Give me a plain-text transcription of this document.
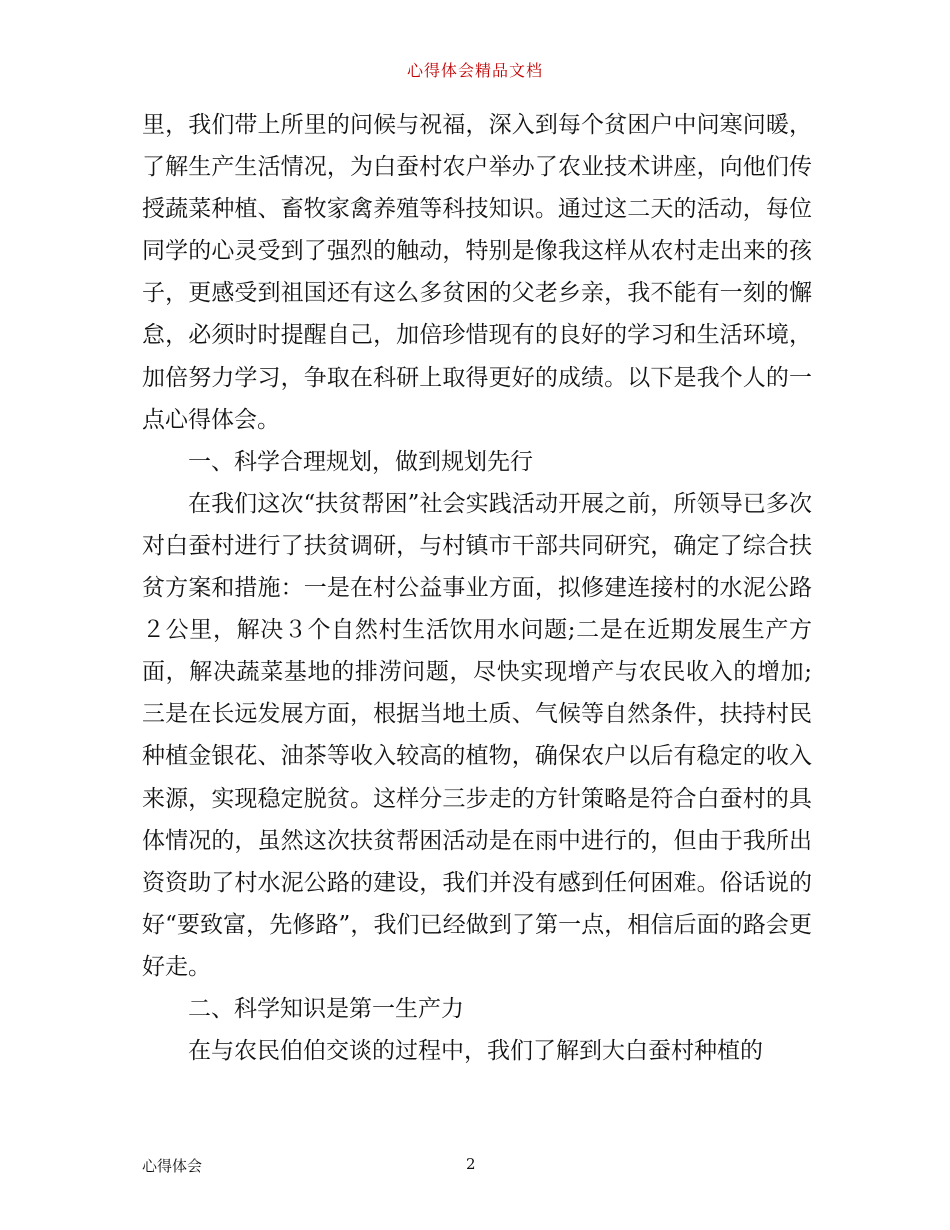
心得体会精品文档

里，我们带上所里的问候与祝福，深入到每个贫困户中问寒问暖，了解生产生活情况，为白蚕村农户举办了农业技术讲座，向他们传授蔬菜种植、畜牧家禽养殖等科技知识。通过这二天的活动，每位同学的心灵受到了强烈的触动，特别是像我这样从农村走出来的孩子，更感受到祖国还有这么多贫困的父老乡亲，我不能有一刻的懈怠，必须时时提醒自己，加倍珍惜现有的良好的学习和生活环境，加倍努力学习，争取在科研上取得更好的成绩。以下是我个人的一点心得体会。

一、科学合理规划，做到规划先行

在我们这次“扶贫帮困”社会实践活动开展之前，所领导已多次对白蚕村进行了扶贫调研，与村镇市干部共同研究，确定了综合扶贫方案和措施：一是在村公益事业方面，拟修建连接村的水泥公路２公里，解决３个自然村生活饮用水问题;二是在近期发展生产方面，解决蔬菜基地的排涝问题，尽快实现增产与农民收入的增加;三是在长远发展方面，根据当地土质、气候等自然条件，扶持村民种植金银花、油茶等收入较高的植物，确保农户以后有稳定的收入来源，实现稳定脱贫。这样分三步走的方针策略是符合白蚕村的具体情况的，虽然这次扶贫帮困活动是在雨中进行的，但由于我所出资资助了村水泥公路的建设，我们并没有感到任何困难。俗话说的好“要致富，先修路”，我们已经做到了第一点，相信后面的路会更好走。

二、科学知识是第一生产力

在与农民伯伯交谈的过程中，我们了解到大白蚕村种植的

心得体会	2
